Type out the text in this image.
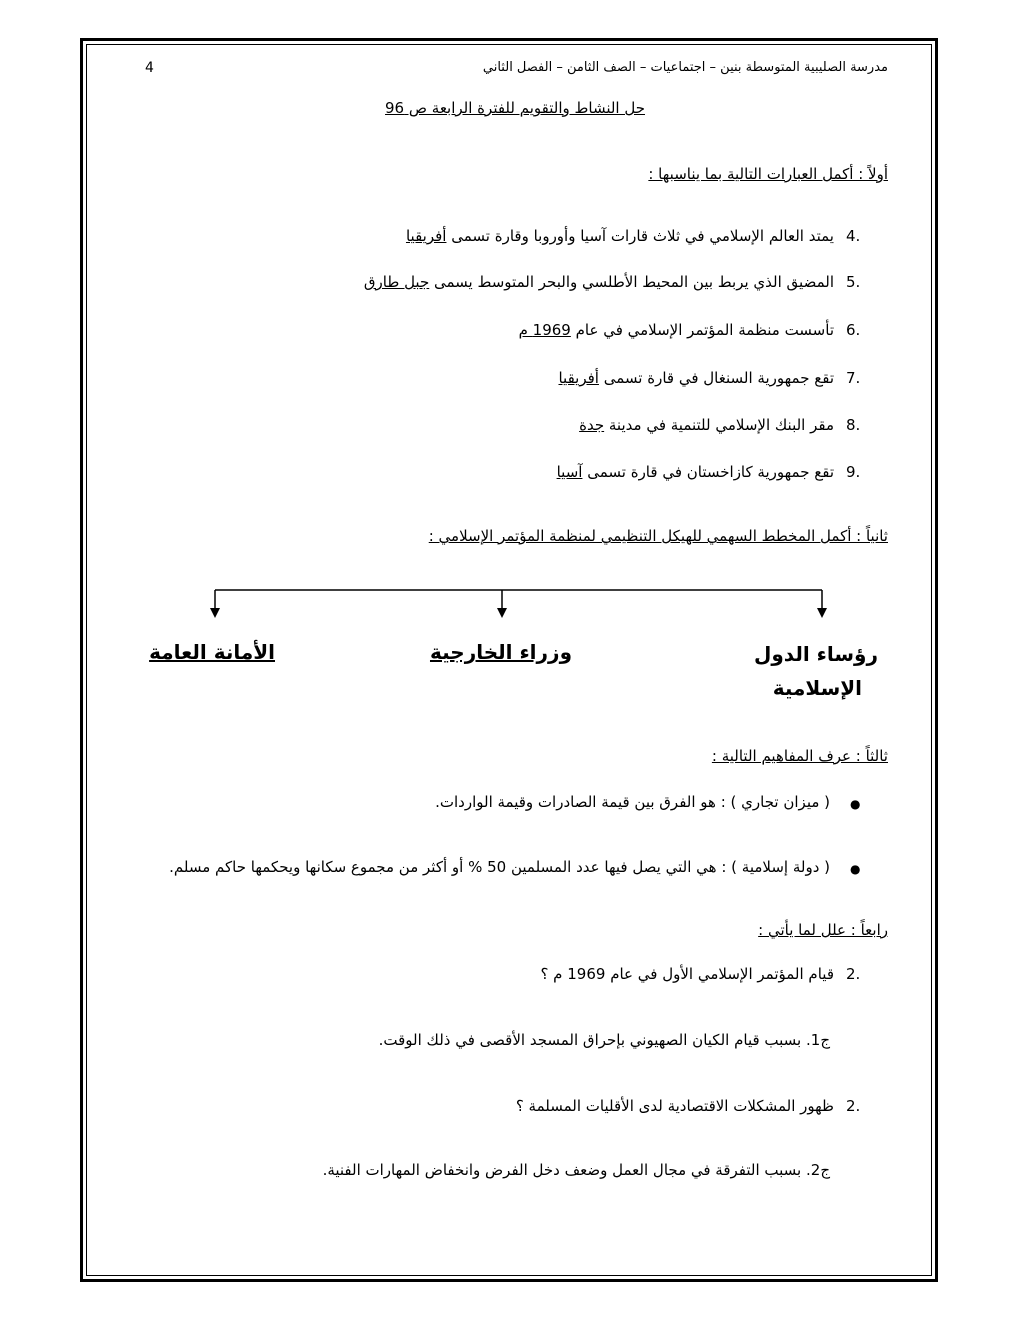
مدرسة الصليبية المتوسطة بنين – اجتماعيات – الصف الثامن – الفصل الثاني
4
حل النشاط والتقويم للفترة الرابعة ص 96
أولاً : أكمل العبارات التالية بما يناسبها :
4.
يمتد العالم الإسلامي في ثلاث قارات آسيا وأوروبا وقارة تسمى أفريقيا
5.
المضيق الذي يربط بين المحيط الأطلسي والبحر المتوسط يسمى جبل طارق
6.
تأسست منظمة المؤتمر الإسلامي في عام 1969 م
7.
تقع جمهورية السنغال في قارة تسمى أفريقيا
8.
مقر البنك الإسلامي للتنمية في مدينة جدة
9.
تقع جمهورية كازاخستان في قارة تسمى آسيا
ثانياً : أكمل المخطط السهمي للهيكل التنظيمي لمنظمة المؤتمر الإسلامي :
رؤساء الدول
الإسلامية
وزراء الخارجية
الأمانة العامة
ثالثاً : عرف المفاهيم التالية :
●
( ميزان تجاري ) : هو الفرق بين قيمة الصادرات وقيمة الواردات.
●
( دولة إسلامية ) : هي التي يصل فيها عدد المسلمين 50 % أو أكثر من مجموع سكانها ويحكمها حاكم مسلم.
رابعاً : علل لما يأتي :
2.
قيام المؤتمر الإسلامي الأول في عام 1969 م ؟
ج1. بسبب قيام الكيان الصهيوني بإحراق المسجد الأقصى في ذلك الوقت.
2.
ظهور المشكلات الاقتصادية لدى الأقليات المسلمة ؟
ج2. بسبب التفرقة في مجال العمل وضعف دخل الفرض وانخفاض المهارات الفنية.
